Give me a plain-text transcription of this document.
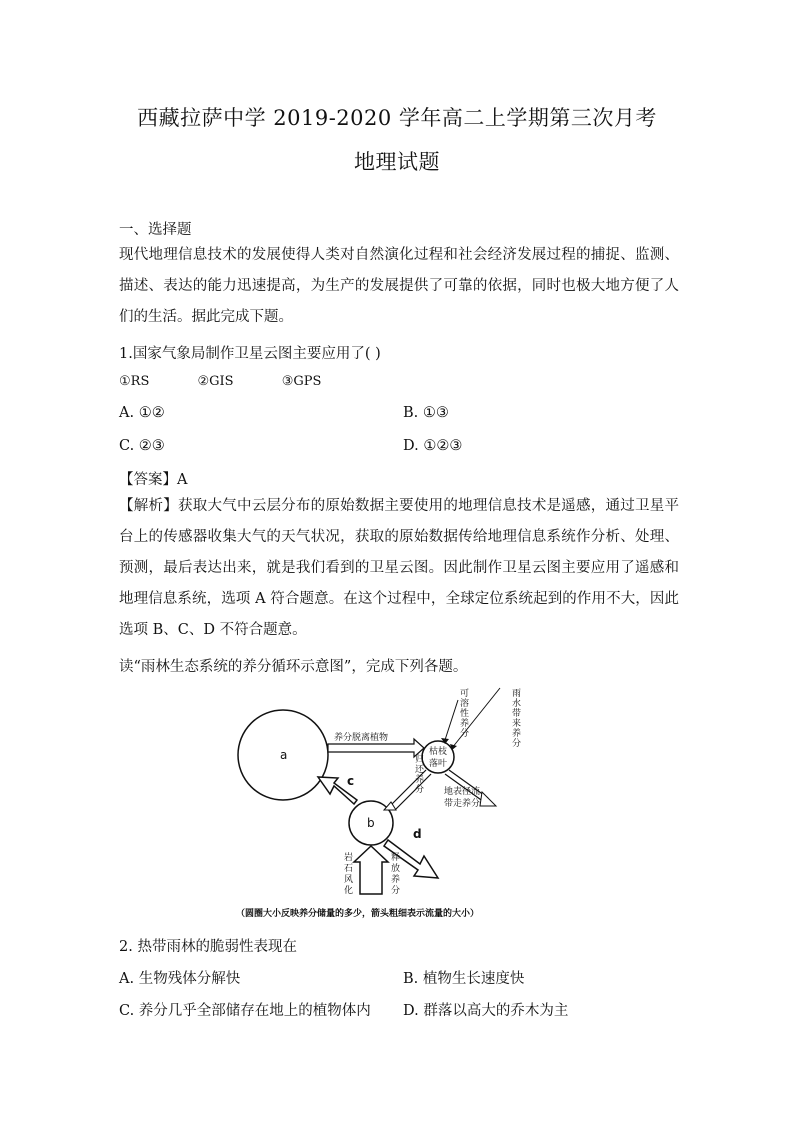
西藏拉萨中学 2019-2020 学年高二上学期第三次月考
地理试题
一、选择题
现代地理信息技术的发展使得人类对自然演化过程和社会经济发展过程的捕捉、监测、描述、表达的能力迅速提高，为生产的发展提供了可靠的依据，同时也极大地方便了人们的生活。据此完成下题。
1.国家气象局制作卫星云图主要应用了( )
①RS	②GIS	③GPS
A. ①②	B. ①③
C. ②③	D. ①②③
【答案】A
【解析】获取大气中云层分布的原始数据主要使用的地理信息技术是遥感，通过卫星平台上的传感器收集大气的天气状况，获取的原始数据传给地理信息系统作分析、处理、预测，最后表达出来，就是我们看到的卫星云图。因此制作卫星云图主要应用了遥感和地理信息系统，选项 A 符合题意。在这个过程中，全球定位系统起到的作用不大，因此选项 B、C、D 不符合题意。
读“雨林生态系统的养分循环示意图”，完成下列各题。
a	枯枝
落叶
b
养分脱离植物
c
归
还
养
分
可
溶
性
养
分
雨
水
带
来
养
分
地表径流
带走养分
d
岩
石
风
化
释
放
养
分
（圆圈大小反映养分储量的多少，箭头粗细表示流量的大小）
2. 热带雨林的脆弱性表现在
A. 生物残体分解快	B. 植物生长速度快
C. 养分几乎全部储存在地上的植物体内 D. 群落以高大的乔木为主
